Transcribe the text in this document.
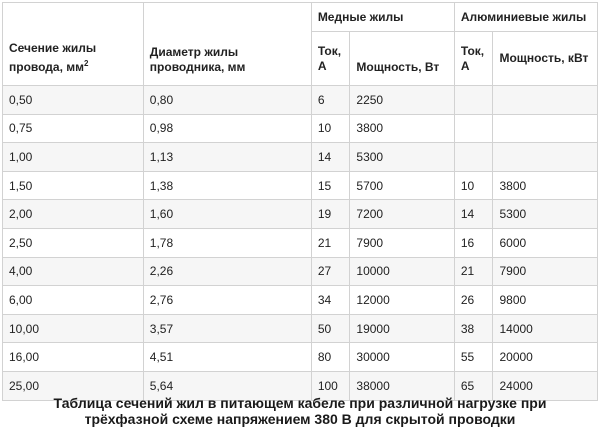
Сечение жилы провода, $мм^2$	Диаметр жилы проводника, мм	Медные жилы		Алюминиевые жилы	
		Ток, А	Мощность, Вт	Ток, А	Мощность, кВт
0,50	0,80	6	2250		
0,75	0,98	10	3800		
1,00	1,13	14	5300		
1,50	1,38	15	5700	10	3800
2,00	1,60	19	7200	14	5300
2,50	1,78	21	7900	16	6000
4,00	2,26	27	10000	21	7900
6,00	2,76	34	12000	26	9800
10,00	3,57	50	19000	38	14000
16,00	4,51	80	30000	55	20000
25,00	5,64	100	38000	65	24000
Таблица сечений жил в питающем кабеле при различной нагрузке при
трёхфазной схеме напряжением 380 В для скрытой проводки
